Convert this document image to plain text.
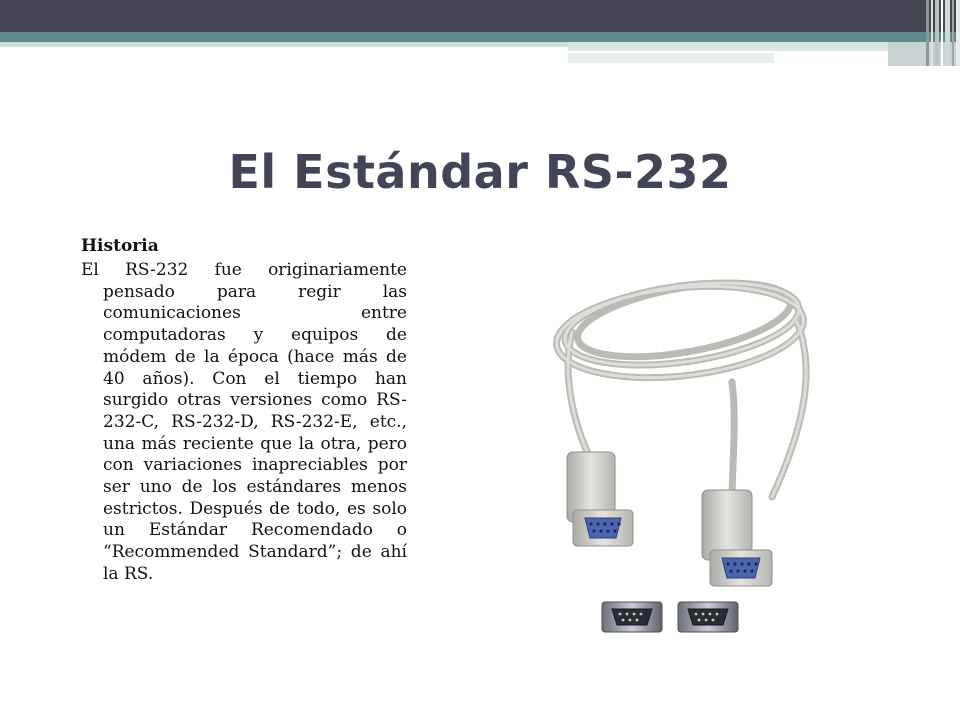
El Estándar RS-232
Historia
El RS-232 fue originariamente pensado para regir las comunicaciones entre computadoras y equipos de módem de la época (hace más de 40 años). Con el tiempo han surgido otras versiones como RS-232-C, RS-232-D, RS-232-E, etc., una más reciente que la otra, pero con variaciones inapreciables por ser uno de los estándares menos estrictos. Después de todo, es solo un Estándar Recomendado o “Recommended Standard”; de ahí la RS.
